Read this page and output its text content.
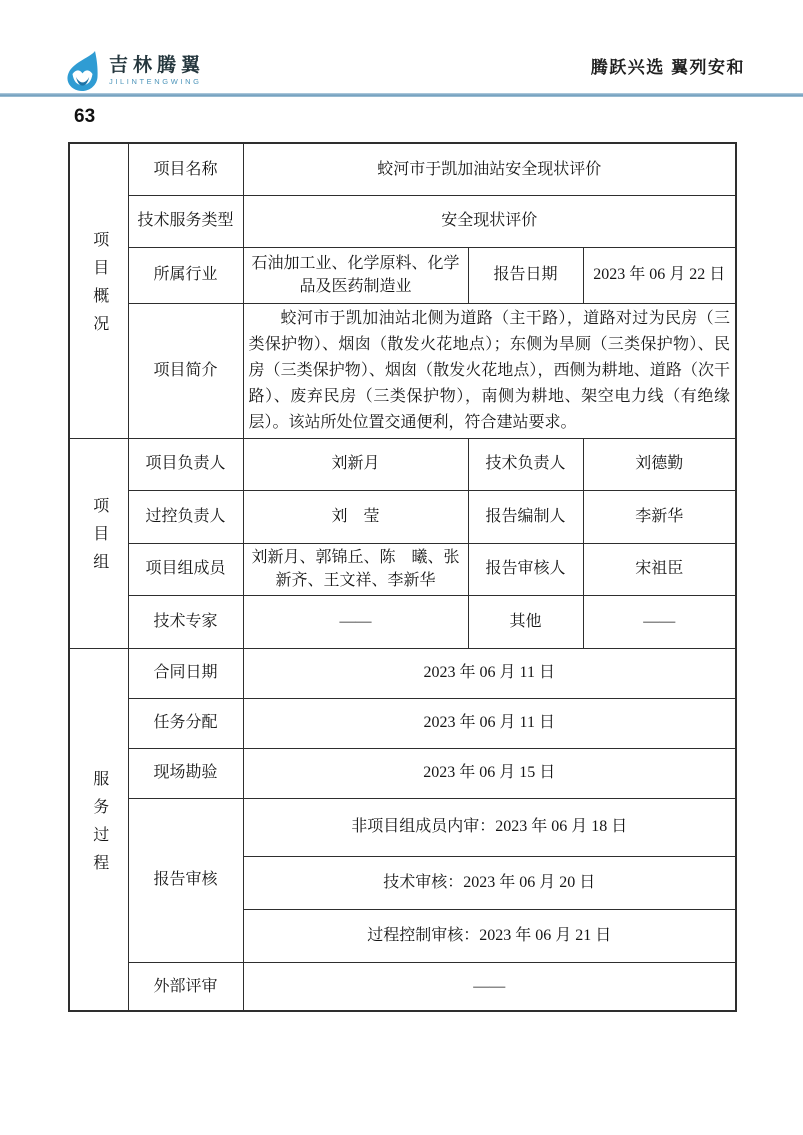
吉林腾翼
JILINTENGWING
腾跃兴选 翼列安和
63
项目概况	项目名称	蛟河市于凯加油站安全现状评价		
	技术服务类型	安全现状评价		
	所属行业	石油加工业、化学原料、化学品及医药制造业	报告日期	2023 年 06 月 22 日
	项目简介	蛟河市于凯加油站北侧为道路（主干路），道路对过为民房（三类保护物）、烟囱（散发火花地点）；东侧为旱厕（三类保护物）、民房（三类保护物）、烟囱（散发火花地点），西侧为耕地、道路（次干路）、废弃民房（三类保护物），南侧为耕地、架空电力线（有绝缘层）。该站所处位置交通便利，符合建站要求。		

项目组	项目负责人	刘新月	技术负责人	刘德勤
	过控负责人	刘　莹	报告编制人	李新华
	项目组成员	刘新月、郭锦丘、陈　曦、张新齐、王文祥、李新华	报告审核人	宋祖臣
	技术专家	——	其他	——
服务过程	合同日期	2023 年 06 月 11 日		
	任务分配	2023 年 06 月 11 日		
	现场勘验	2023 年 06 月 15 日		
	报告审核	非项目组成员内审：2023 年 06 月 18 日		
		技术审核：2023 年 06 月 20 日		
		过程控制审核：2023 年 06 月 21 日		
	外部评审	——		
